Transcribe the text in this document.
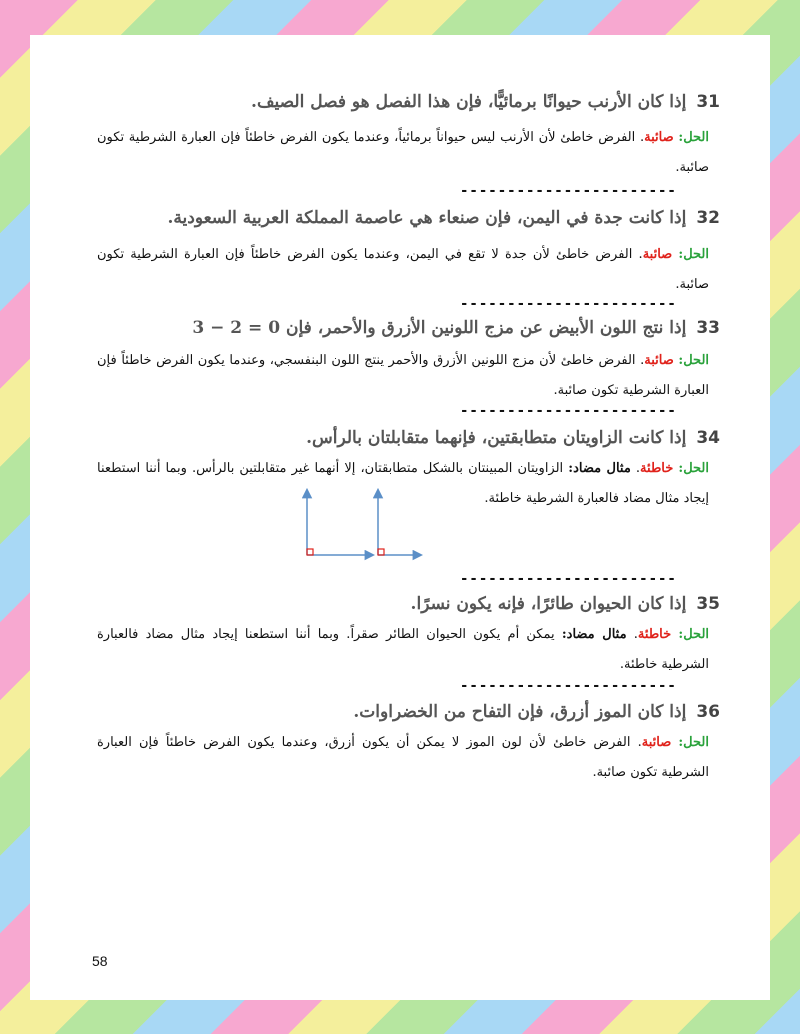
31إذا كان الأرنب حيوانًا برمائيًّا، فإن هذا الفصل هو فصل الصيف.
الحل: صائبة. الفرض خاطئ لأن الأرنب ليس حيواناً برمائياً، وعندما يكون الفرض خاطئاً فإن العبارة الشرطية تكون صائبة.
-----------------------
32إذا كانت جدة في اليمن، فإن صنعاء هي عاصمة المملكة العربية السعودية.
الحل: صائبة. الفرض خاطئ لأن جدة لا تقع في اليمن، وعندما يكون الفرض خاطئاً فإن العبارة الشرطية تكون صائبة.
-----------------------
33إذا نتج اللون الأبيض عن مزج اللونين الأزرق والأحمر، فإن 0 = 2 − 3
الحل: صائبة. الفرض خاطئ لأن مزج اللونين الأزرق والأحمر ينتج اللون البنفسجي، وعندما يكون الفرض خاطئاً فإن العبارة الشرطية تكون صائبة.
-----------------------
34إذا كانت الزاويتان متطابقتين، فإنهما متقابلتان بالرأس.
الحل: خاطئة. مثال مضاد: الزاويتان المبينتان بالشكل متطابقتان، إلا أنهما غير متقابلتين بالرأس. وبما أننا استطعنا إيجاد مثال مضاد فالعبارة الشرطية خاطئة.
-----------------------
35إذا كان الحيوان طائرًا، فإنه يكون نسرًا.
الحل: خاطئة. مثال مضاد: يمكن أم يكون الحيوان الطائر صقراً. وبما أننا استطعنا إيجاد مثال مضاد فالعبارة الشرطية خاطئة.
-----------------------
36إذا كان الموز أزرق، فإن التفاح من الخضراوات.
الحل: صائبة. الفرض خاطئ لأن لون الموز لا يمكن أن يكون أزرق، وعندما يكون الفرض خاطئاً فإن العبارة الشرطية تكون صائبة.
58
